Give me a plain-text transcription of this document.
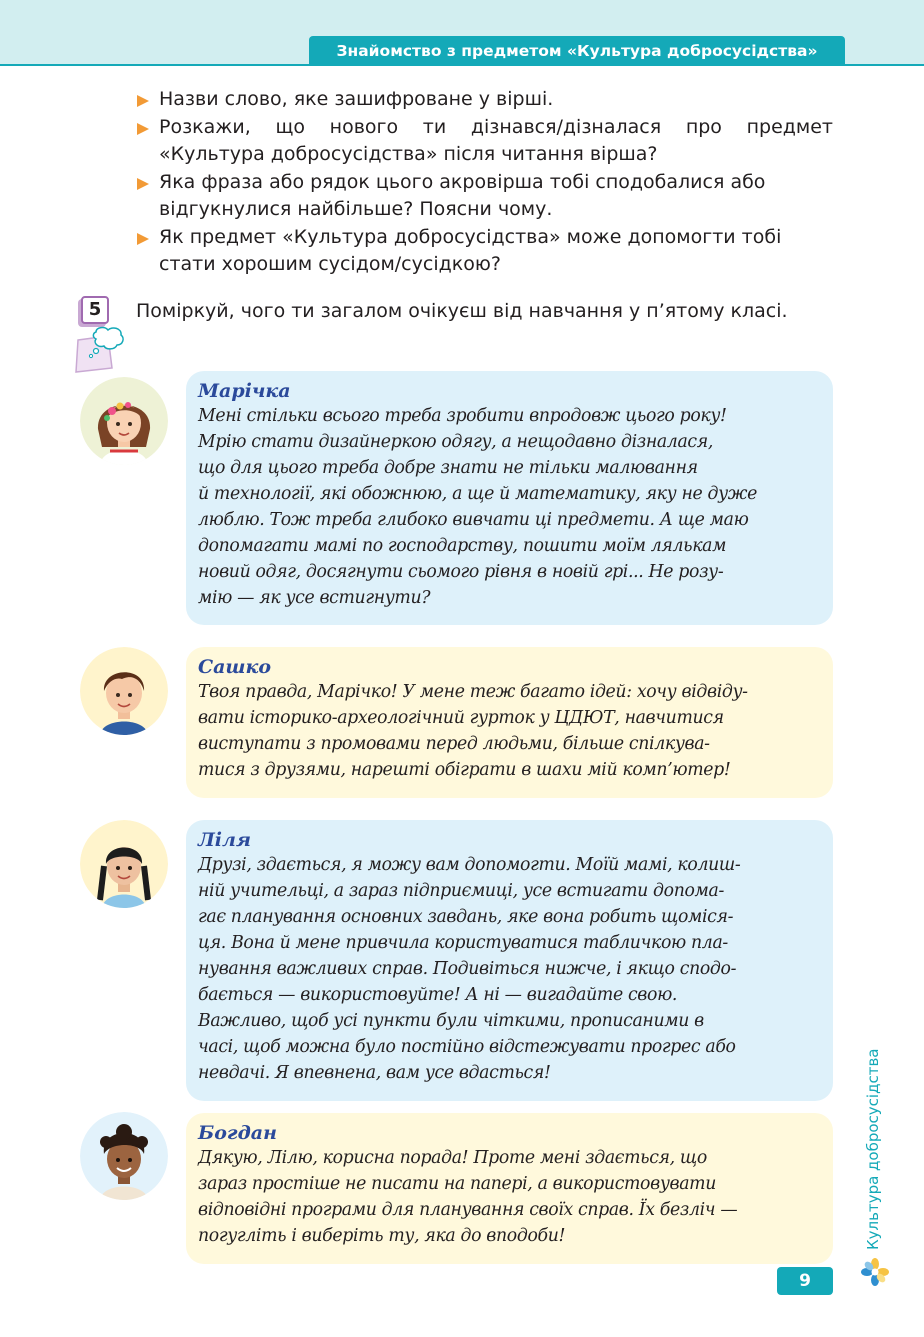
Знайомство з предметом «Культура добросусідства»
Назви слово, яке зашифроване у вірші.
Розкажи, що нового ти дізнався/дізналася про предмет
«Культура добросусідства» після читання вірша?
Яка фраза або рядок цього акровірша тобі сподобалися або
відгукнулися найбільше? Поясни чому.
Як предмет «Культура добросусідства» може допомогти тобі
стати хорошим сусідом/сусідкою?
5	Поміркуй, чого ти загалом очікуєш від навчання у п’ятому класі.
Марічка
Мені стільки всього треба зробити впродовж цього року!
Мрію стати дизайнеркою одягу, а нещодавно дізналася,
що для цього треба добре знати не тільки малювання
й технології, які обожнюю, а ще й математику, яку не дуже
люблю. Тож треба глибоко вивчати ці предмети. А ще маю
допомагати мамі по господарству, пошити моїм лялькам
новий одяг, досягнути сьомого рівня в новій грі... Не розу-
мію — як усе встигнути?
Сашко
Твоя правда, Марічко! У мене теж багато ідей: хочу відвіду-
вати історико-археологічний гурток у ЦДЮТ, навчитися
виступати з промовами перед людьми, більше спілкува-
тися з друзями, нарешті обіграти в шахи мій комп’ютер!
Ліля
Друзі, здається, я можу вам допомогти. Моїй мамі, колиш-
ній учительці, а зараз підприємиці, усе встигати допома-
гає планування основних завдань, яке вона робить щоміся-
ця. Вона й мене привчила користуватися табличкою пла-
нування важливих справ. Подивіться нижче, і якщо сподо-
бається — використовуйте! А ні — вигадайте свою.
Важливо, щоб усі пункти були чіткими, прописаними в
часі, щоб можна було постійно відстежувати прогрес або
невдачі. Я впевнена, вам усе вдасться!
Богдан
Дякую, Лілю, корисна порада! Проте мені здається, що
зараз простіше не писати на папері, а використовувати
відповідні програми для планування своїх справ. Їх безліч —
погугліть і виберіть ту, яка до вподоби!	Культура добросусідства
9
